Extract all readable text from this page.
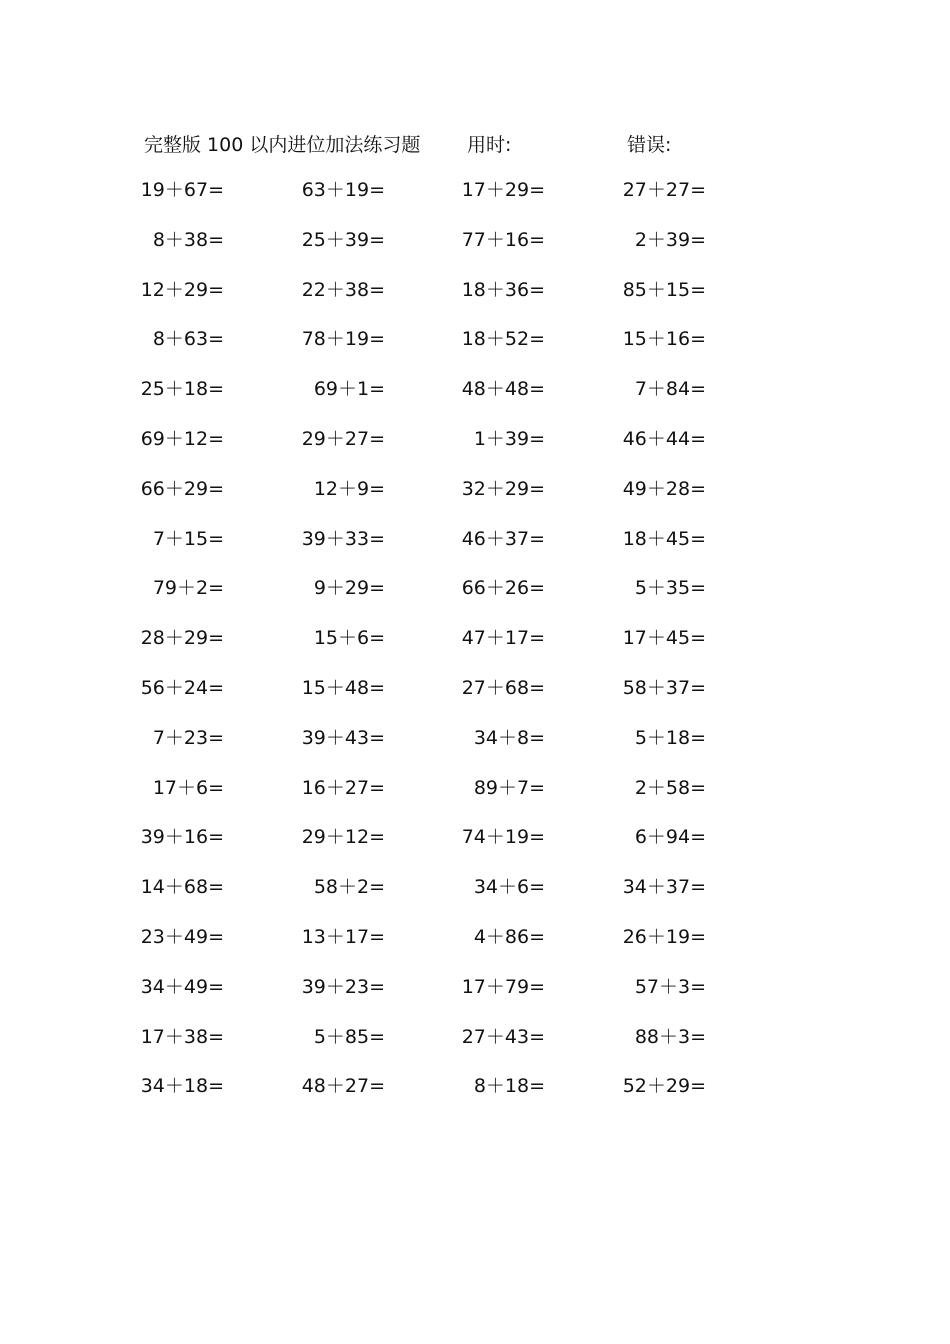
完整版 100 以内进位加法练习题 用时:	错误:
19＋67=
8＋38=
12＋29=
8＋63=
25＋18=
69＋12=
66＋29=
7＋15=
79＋2=
28＋29=
56＋24=
7＋23=
17＋6=
39＋16=
14＋68=
23＋49=
34＋49=
17＋38=
34＋18=
63＋19=
25＋39=
22＋38=
78＋19=
69＋1=
29＋27=
12＋9=
39＋33=
9＋29=
15＋6=
15＋48=
39＋43=
16＋27=
29＋12=
58＋2=
13＋17=
39＋23=
5＋85=
48＋27=
17＋29=
77＋16=
18＋36=
18＋52=
48＋48=
1＋39=
32＋29=
46＋37=
66＋26=
47＋17=
27＋68=
34＋8=
89＋7=
74＋19=
34＋6=
4＋86=
17＋79=
27＋43=
8＋18=
27＋27=
2＋39=
85＋15=
15＋16=
7＋84=
46＋44=
49＋28=
18＋45=
5＋35=
17＋45=
58＋37=
5＋18=
2＋58=
6＋94=
34＋37=
26＋19=
57＋3=
88＋3=
52＋29=
